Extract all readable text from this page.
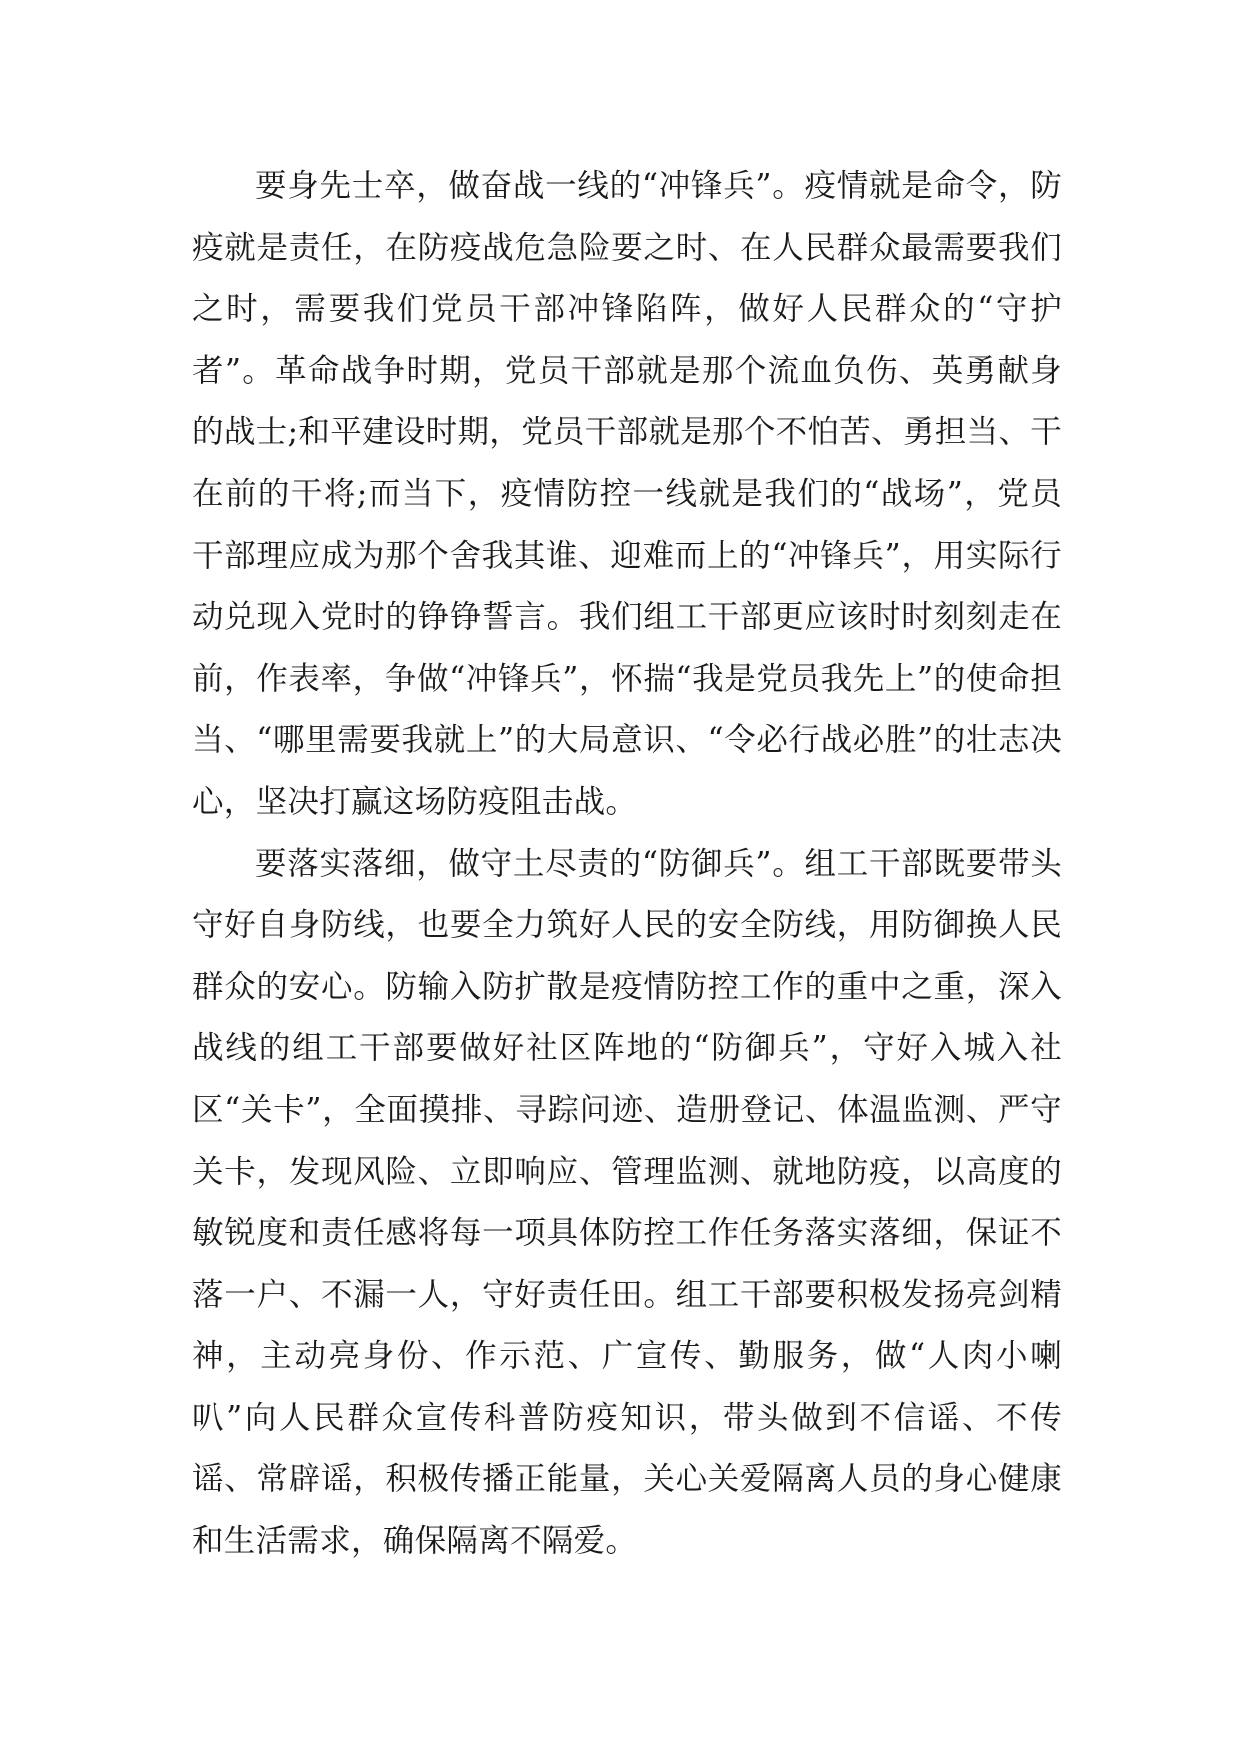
要身先士卒，做奋战一线的“冲锋兵”。疫情就是命令，防疫就是责任，在防疫战危急险要之时、在人民群众最需要我们之时，需要我们党员干部冲锋陷阵，做好人民群众的“守护者”。革命战争时期，党员干部就是那个流血负伤、英勇献身的战士;和平建设时期，党员干部就是那个不怕苦、勇担当、干在前的干将;而当下，疫情防控一线就是我们的“战场”，党员干部理应成为那个舍我其谁、迎难而上的“冲锋兵”，用实际行动兑现入党时的铮铮誓言。我们组工干部更应该时时刻刻走在前，作表率，争做“冲锋兵”，怀揣“我是党员我先上”的使命担当、“哪里需要我就上”的大局意识、“令必行战必胜”的壮志决心，坚决打赢这场防疫阻击战。

要落实落细，做守土尽责的“防御兵”。组工干部既要带头守好自身防线，也要全力筑好人民的安全防线，用防御换人民群众的安心。防输入防扩散是疫情防控工作的重中之重，深入战线的组工干部要做好社区阵地的“防御兵”，守好入城入社区“关卡”，全面摸排、寻踪问迹、造册登记、体温监测、严守关卡，发现风险、立即响应、管理监测、就地防疫，以高度的敏锐度和责任感将每一项具体防控工作任务落实落细，保证不落一户、不漏一人，守好责任田。组工干部要积极发扬亮剑精神，主动亮身份、作示范、广宣传、勤服务，做“人肉小喇叭”向人民群众宣传科普防疫知识，带头做到不信谣、不传谣、常辟谣，积极传播正能量，关心关爱隔离人员的身心健康和生活需求，确保隔离不隔爱。
